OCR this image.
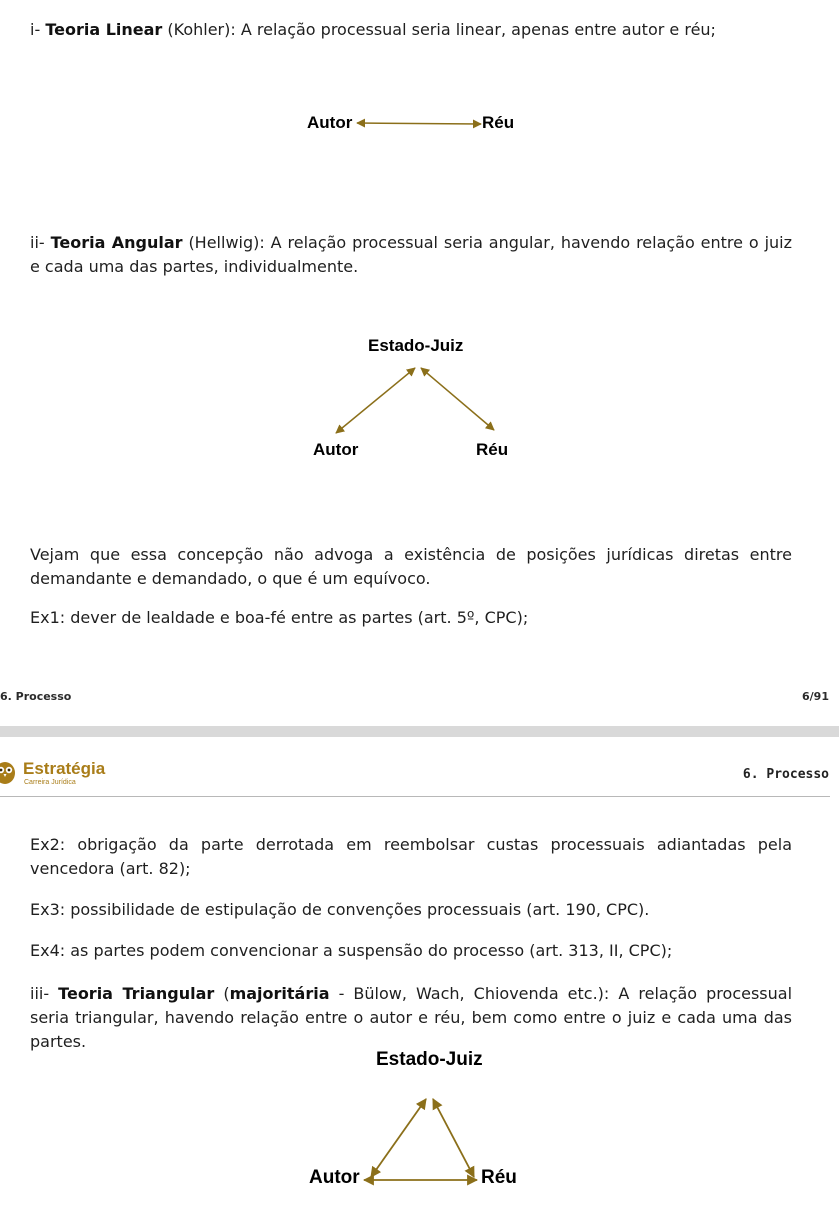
i- Teoria Linear (Kohler): A relação processual seria linear, apenas entre autor e réu;

Autor	Réu

ii- Teoria Angular (Hellwig): A relação processual seria angular, havendo relação entre o juiz e cada uma das partes, individualmente.

Estado-Juiz

Autor	Réu

Vejam que essa concepção não advoga a existência de posições jurídicas diretas entre demandante e demandado, o que é um equívoco.

Ex1: dever de lealdade e boa-fé entre as partes (art. 5º, CPC);

6. Processo	6/91

Estratégia

Carreira Jurídica

6. Processo

Ex2: obrigação da parte derrotada em reembolsar custas processuais adiantadas pela vencedora (art. 82);

Ex3: possibilidade de estipulação de convenções processuais (art. 190, CPC).

Ex4: as partes podem convencionar a suspensão do processo (art. 313, II, CPC);

iii- Teoria Triangular (majoritária - Bülow, Wach, Chiovenda etc.): A relação processual seria triangular, havendo relação entre o autor e réu, bem como entre o juiz e cada uma das partes.

Estado-Juiz

Autor	Réu
